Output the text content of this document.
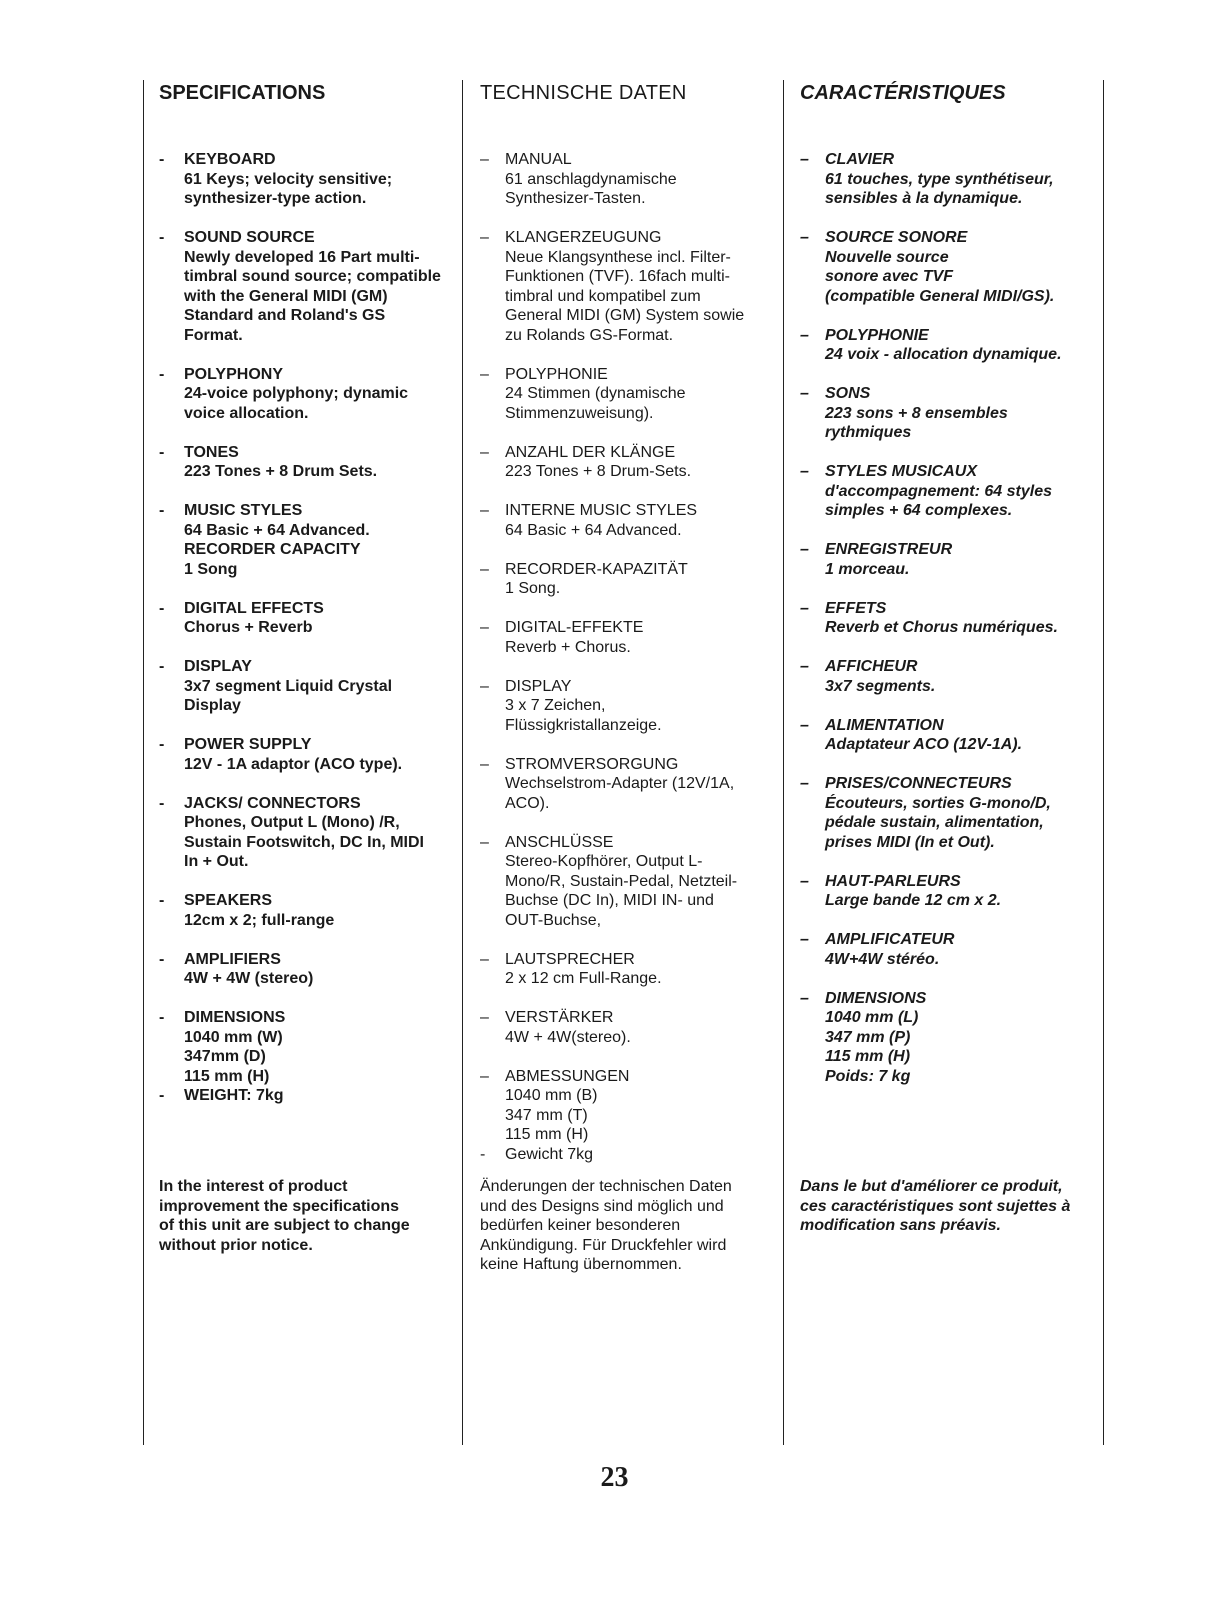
SPECIFICATIONS
- KEYBOARD
61 Keys; velocity sensitive;
synthesizer-type action.
- SOUND SOURCE
Newly developed 16 Part multi-
timbral sound source; compatible
with the General MIDI (GM)
Standard and Roland's GS
Format.
- POLYPHONY
24-voice polyphony; dynamic
voice allocation.
- TONES
223 Tones + 8 Drum Sets.
- MUSIC STYLES
64 Basic + 64 Advanced.
RECORDER CAPACITY
1 Song
- DIGITAL EFFECTS
Chorus + Reverb
- DISPLAY
3x7 segment Liquid Crystal
Display
- POWER SUPPLY
12V - 1A adaptor (ACO type).
- JACKS/ CONNECTORS
Phones, Output L (Mono) /R,
Sustain Footswitch, DC In, MIDI
In + Out.
- SPEAKERS
12cm x 2; full-range
- AMPLIFIERS
4W + 4W (stereo)
- DIMENSIONS
1040 mm (W)
347mm (D)
115 mm (H)
- WEIGHT: 7kg
TECHNISCHE DATEN
– MANUAL
61 anschlagdynamische
Synthesizer-Tasten.
– KLANGERZEUGUNG
Neue Klangsynthese incl. Filter-
Funktionen (TVF). 16fach multi-
timbral und kompatibel zum
General MIDI (GM) System sowie
zu Rolands GS-Format.
– POLYPHONIE
24 Stimmen (dynamische
Stimmenzuweisung).
– ANZAHL DER KLÄNGE
223 Tones + 8 Drum-Sets.
– INTERNE MUSIC STYLES
64 Basic + 64 Advanced.
– RECORDER-KAPAZITÄT
1 Song.
– DIGITAL-EFFEKTE
Reverb + Chorus.
– DISPLAY
3 x 7 Zeichen,
Flüssigkristallanzeige.
– STROMVERSORGUNG
Wechselstrom-Adapter (12V/1A,
ACO).
– ANSCHLÜSSE
Stereo-Kopfhörer, Output L-
Mono/R, Sustain-Pedal, Netzteil-
Buchse (DC In), MIDI IN- und
OUT-Buchse,
– LAUTSPRECHER
2 x 12 cm Full-Range.
– VERSTÄRKER
4W + 4W(stereo).
– ABMESSUNGEN
1040 mm (B)
347 mm (T)
115 mm (H)
- Gewicht 7kg
CARACTÉRISTIQUES
– CLAVIER
61 touches, type synthétiseur,
sensibles à la dynamique.
– SOURCE SONORE
Nouvelle source
sonore avec TVF
(compatible General MIDI/GS).
– POLYPHONIE
24 voix - allocation dynamique.
– SONS
223 sons + 8 ensembles
rythmiques
– STYLES MUSICAUX
d'accompagnement: 64 styles
simples + 64 complexes.
– ENREGISTREUR
1 morceau.
– EFFETS
Reverb et Chorus numériques.
– AFFICHEUR
3x7 segments.
– ALIMENTATION
Adaptateur ACO (12V-1A).
– PRISES/CONNECTEURS
Écouteurs, sorties G-mono/D,
pédale sustain, alimentation,
prises MIDI (In et Out).
– HAUT-PARLEURS
Large bande 12 cm x 2.
– AMPLIFICATEUR
4W+4W stéréo.
– DIMENSIONS
1040 mm (L)
347 mm (P)
115 mm (H)
Poids: 7 kg
In the interest of product
improvement the specifications
of this unit are subject to change
without prior notice.
Änderungen der technischen Daten
und des Designs sind möglich und
bedürfen keiner besonderen
Ankündigung. Für Druckfehler wird
keine Haftung übernommen.
Dans le but d'améliorer ce produit,
ces caractéristiques sont sujettes à
modification sans préavis.
23
